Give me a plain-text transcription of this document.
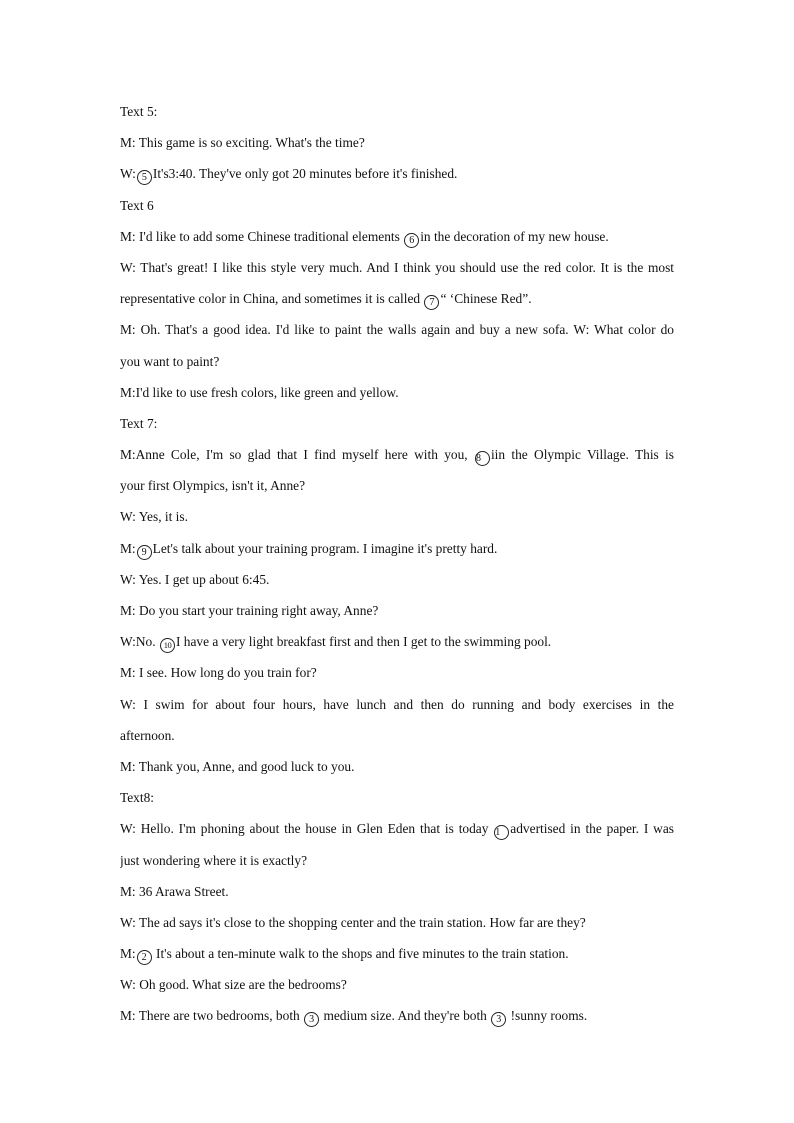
Text 5:
M: This game is so exciting. What's the time?
W: 5 It's3:40. They've only got 20 minutes before it's finished.
Text 6
M: I'd like to add some Chinese traditional elements 6 in the decoration of my new house.
W: That's great! I like this style very much. And I think you should use the red color. It is the most
representative color in China, and sometimes it is called 7 “ ‘Chinese Red”.
M: Oh. That's a good idea. I'd like to paint the walls again and buy a new sofa. W: What color do
you want to paint?
M:I'd like to use fresh colors, like green and yellow.
Text 7:
M:Anne Cole, I'm so glad that I find myself here with you, 8 iin the Olympic Village. This is
your first Olympics, isn't it, Anne?
W: Yes, it is.
M: 9 Let's talk about your training program. I imagine it's pretty hard.
W: Yes. I get up about 6:45.
M: Do you start your training right away, Anne?
W:No. 10 I have a very light breakfast first and then I get to the swimming pool.
M: I see. How long do you train for?
W: I swim for about four hours, have lunch and then do running and body exercises in the
afternoon.
M: Thank you, Anne, and good luck to you.
Text8:
W: Hello. I'm phoning about the house in Glen Eden that is today 1 advertised in the paper. I was
just wondering where it is exactly?
M: 36 Arawa Street.
W: The ad says it's close to the shopping center and the train station. How far are they?
M: 2 It's about a ten-minute walk to the shops and five minutes to the train station.
W: Oh good. What size are the bedrooms?
M: There are two bedrooms, both 3 medium size. And they're both 3 !sunny rooms.
